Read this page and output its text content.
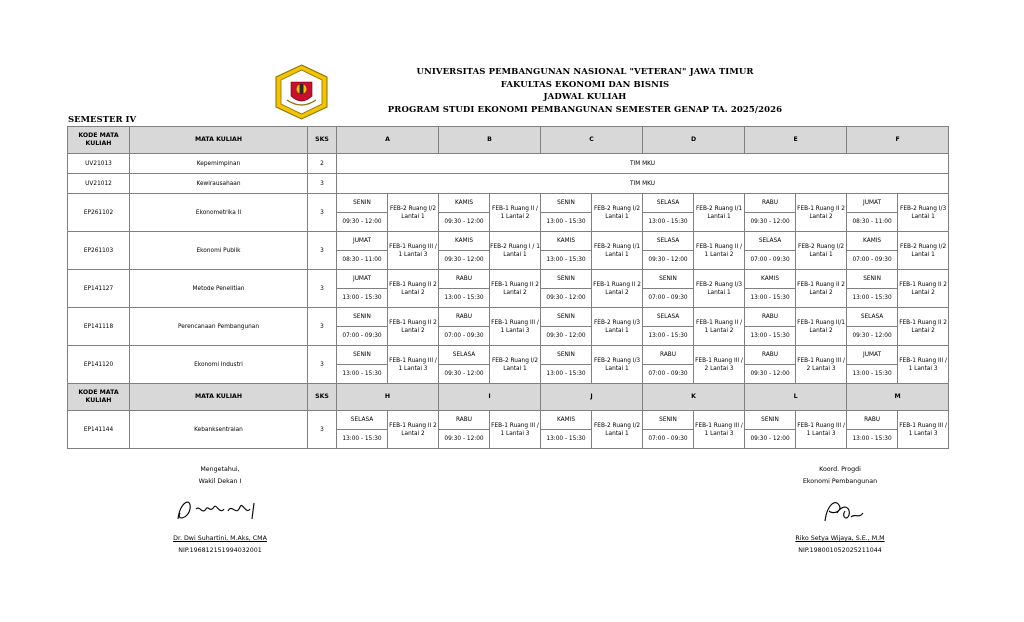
UNIVERSITAS PEMBANGUNAN NASIONAL "VETERAN" JAWA TIMUR
FAKULTAS EKONOMI DAN BISNIS
JADWAL KULIAH
PROGRAM STUDI EKONOMI PEMBANGUNAN SEMESTER GENAP TA. 2025/2026
SEMESTER IV
KODE MATA KULIAH	MATA KULIAH	SKS	A		B		C		D		E		F	
UV21013	Kepemimpinan	2	TIM MKU											
UV21012	Kewirausahaan	3	TIM MKU											
EP261102	Ekonometrika II	3	SENIN	FEB-2 Ruang I/2 Lantai 1	KAMIS	FEB-1 Ruang II / 1 Lantai 2	SENIN	FEB-2 Ruang I/2 Lantai 1	SELASA	FEB-2 Ruang I/1 Lantai 1	RABU	FEB-1 Ruang II 2 Lantai 2	JUMAT	FEB-2 Ruang I/3 Lantai 1
			09:30 - 12:00		09:30 - 12:00		13:00 - 15:30		13:00 - 15:30		09:30 - 12:00		08:30 - 11:00	
EP261103	Ekonomi Publik	3	JUMAT	FEB-1 Ruang III / 1 Lantai 3	KAMIS	FEB-2 Ruang I / 1 Lantai 1	KAMIS	FEB-2 Ruang I/1 Lantai 1	SELASA	FEB-1 Ruang II / 1 Lantai 2	SELASA	FEB-2 Ruang I/2 Lantai 1	KAMIS	FEB-2 Ruang I/2 Lantai 1
			08:30 - 11:00		09:30 - 12:00		13:00 - 15:30		09:30 - 12:00		07:00 - 09:30		07:00 - 09:30	
EP141127	Metode Penelitian	3	JUMAT	FEB-1 Ruang II 2 Lantai 2	RABU	FEB-1 Ruang II 2 Lantai 2	SENIN	FEB-1 Ruang II 2 Lantai 2	SENIN	FEB-2 Ruang I/3 Lantai 1	KAMIS	FEB-1 Ruang II 2 Lantai 2	SENIN	FEB-1 Ruang II 2 Lantai 2
			13:00 - 15:30		13:00 - 15:30		09:30 - 12:00		07:00 - 09:30		13:00 - 15:30		13:00 - 15:30	
EP141118	Perencanaan Pembangunan	3	SENIN	FEB-1 Ruang II 2 Lantai 2	RABU	FEB-1 Ruang III / 1 Lantai 3	SENIN	FEB-2 Ruang I/3 Lantai 1	SELASA	FEB-1 Ruang II / 1 Lantai 2	RABU	FEB-1 Ruang II/1 Lantai 2	SELASA	FEB-1 Ruang II 2 Lantai 2
			07:00 - 09:30		07:00 - 09:30		09:30 - 12:00		13:00 - 15:30		13:00 - 15:30		09:30 - 12:00	
EP141120	Ekonomi Industri	3	SENIN	FEB-1 Ruang III / 1 Lantai 3	SELASA	FEB-2 Ruang I/2 Lantai 1	SENIN	FEB-2 Ruang I/3 Lantai 1	RABU	FEB-1 Ruang III / 2 Lantai 3	RABU	FEB-1 Ruang III / 2 Lantai 3	JUMAT	FEB-1 Ruang III / 1 Lantai 3
			13:00 - 15:30		09:30 - 12:00		13:00 - 15:30		07:00 - 09:30		09:30 - 12:00		13:00 - 15:30	
KODE MATA KULIAH	MATA KULIAH	SKS	H		I		J		K		L		M	
EP141144	Kebanksentralan	3	SELASA	FEB-1 Ruang II 2 Lantai 2	RABU	FEB-1 Ruang III / 1 Lantai 3	KAMIS	FEB-2 Ruang I/2 Lantai 1	SENIN	FEB-1 Ruang III / 1 Lantai 3	SENIN	FEB-1 Ruang III / 1 Lantai 3	RABU	FEB-1 Ruang III / 1 Lantai 3
			13:00 - 15:30		09:30 - 12:00		13:00 - 15:30		07:00 - 09:30		09:30 - 12:00		13:00 - 15:30	
Mengetahui,
Wakil Dekan I
Dr. Dwi Suhartini, M.Aks, CMA
NIP.196812151994032001
Koord. Progdi
Ekonomi Pembangunan
Riko Setya Wijaya, S.E., M.M
NIP.198001052025211044
